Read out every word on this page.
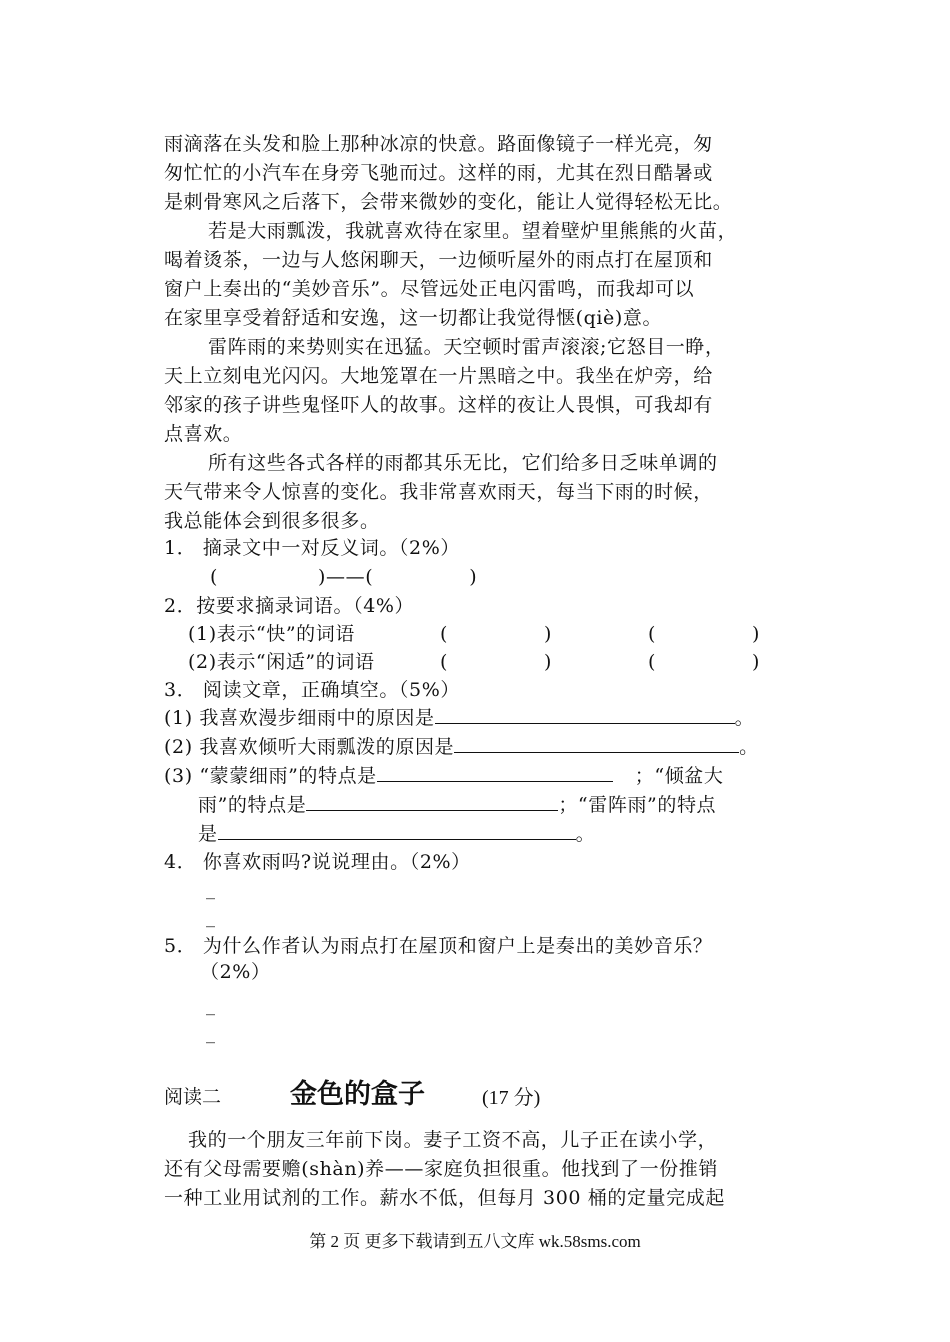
雨滴落在头发和脸上那种冰凉的快意。路面像镜子一样光亮，匆
匆忙忙的小汽车在身旁飞驰而过。这样的雨，尤其在烈日酷暑或
是刺骨寒风之后落下，会带来微妙的变化，能让人觉得轻松无比。
若是大雨瓢泼，我就喜欢待在家里。望着壁炉里熊熊的火苗，
喝着烫茶，一边与人悠闲聊天，一边倾听屋外的雨点打在屋顶和
窗户上奏出的“美妙音乐”。尽管远处正电闪雷鸣，而我却可以
在家里享受着舒适和安逸，这一切都让我觉得惬(qiè)意。
雷阵雨的来势则实在迅猛。天空顿时雷声滚滚;它怒目一睁，
天上立刻电光闪闪。大地笼罩在一片黑暗之中。我坐在炉旁，给
邻家的孩子讲些鬼怪吓人的故事。这样的夜让人畏惧，可我却有
点喜欢。
所有这些各式各样的雨都其乐无比，它们给多日乏味单调的
天气带来令人惊喜的变化。我非常喜欢雨天，每当下雨的时候，
我总能体会到很多很多。
1． 摘录文中一对反义词。（2%）
(	)——(	)
2．按要求摘录词语。（4%）
(1)表示“快”的词语	(	)	(	)
(2)表示“闲适”的词语	(	)	(	)
3． 阅读文章，正确填空。（5%）
(1) 我喜欢漫步细雨中的原因是	。
(2) 我喜欢倾听大雨瓢泼的原因是	。
(3) “蒙蒙细雨”的特点是	；“倾盆大
雨”的特点是	；“雷阵雨”的特点
是	。
4． 你喜欢雨吗?说说理由。（2%）
_
_
5． 为什么作者认为雨点打在屋顶和窗户上是奏出的美妙音乐？
（2%）
_
_
阅读二	金色的盒子	(17 分)
我的一个朋友三年前下岗。妻子工资不高，儿子正在读小学，
还有父母需要赡(shàn)养——家庭负担很重。他找到了一份推销
一种工业用试剂的工作。薪水不低，但每月 300 桶的定量完成起
第 2 页 更多下载请到五八文库 wk.58sms.com
